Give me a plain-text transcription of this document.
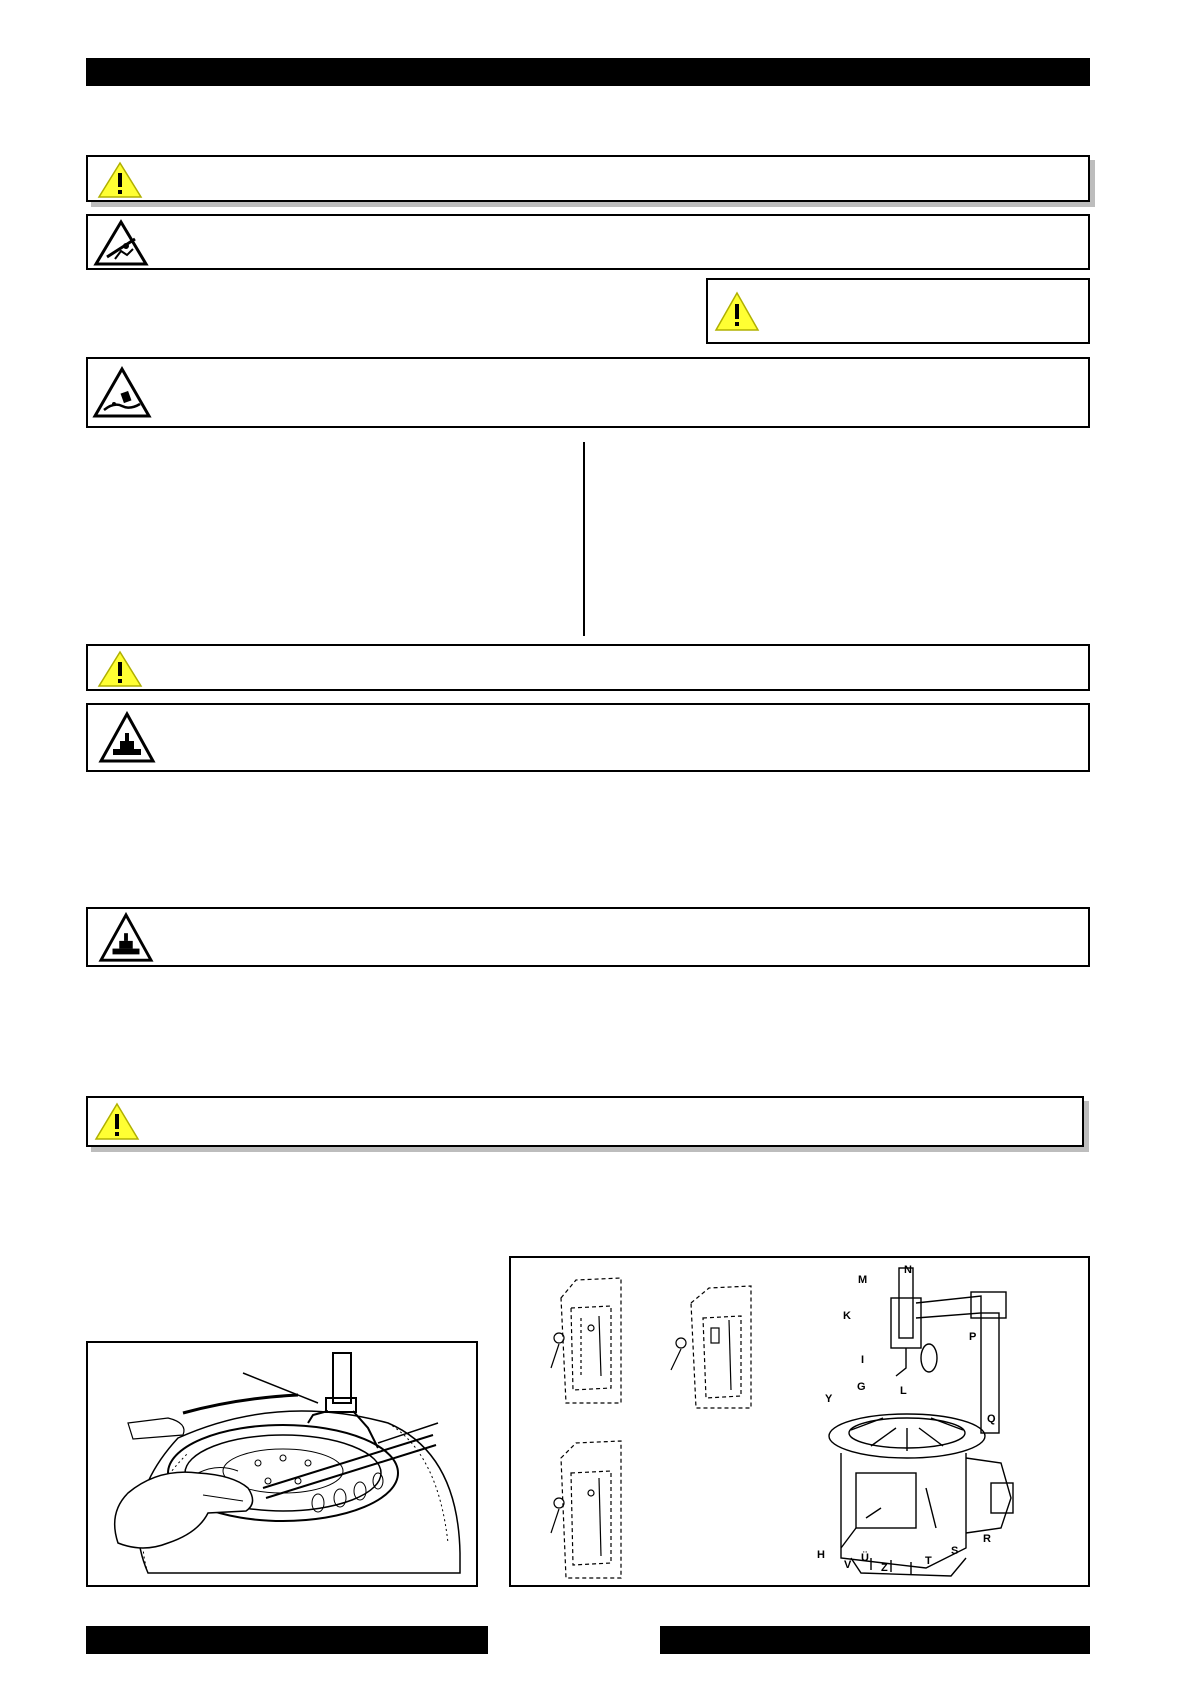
M
N
K
P
I
G	L
Y
Q
R
H
V
Ü
Z
T
S
